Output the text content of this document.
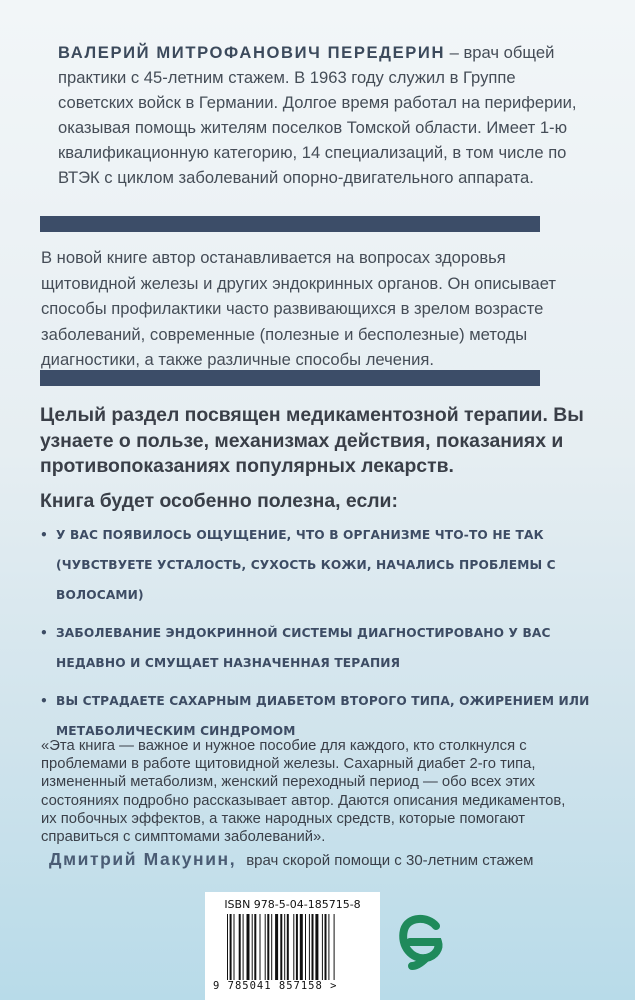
ВАЛЕРИЙ МИТРОФАНОВИЧ ПЕРЕДЕРИН – врач общей практики с 45-летним стажем. В 1963 году служил в Группе советских войск в Германии. Долгое время работал на периферии, оказывая помощь жителям поселков Томской области. Имеет 1-ю квалификационную категорию, 14 специализаций, в том числе по ВТЭК с циклом заболеваний опорно-двигательного аппарата.

В новой книге автор останавливается на вопросах здоровья щитовидной железы и других эндокринных органов. Он описывает способы профилактики часто развивающихся в зрелом возрасте заболеваний, современные (полезные и бесполезные) методы диагностики, а также различные способы лечения.

Целый раздел посвящен медикаментозной терапии. Вы узнаете о пользе, механизмах действия, показаниях и противопоказаниях популярных лекарств.
Книга будет особенно полезна, если:
• У ВАС ПОЯВИЛОСЬ ОЩУЩЕНИЕ, ЧТО В ОРГАНИЗМЕ ЧТО-ТО НЕ ТАК (ЧУВСТВУЕТЕ УСТАЛОСТЬ, СУХОСТЬ КОЖИ, НАЧАЛИСЬ ПРОБЛЕМЫ С ВОЛОСАМИ)
• ЗАБОЛЕВАНИЕ ЭНДОКРИННОЙ СИСТЕМЫ ДИАГНОСТИРОВАНО У ВАС НЕДАВНО И СМУЩАЕТ НАЗНАЧЕННАЯ ТЕРАПИЯ
• ВЫ СТРАДАЕТЕ САХАРНЫМ ДИАБЕТОМ ВТОРОГО ТИПА, ОЖИРЕНИЕМ ИЛИ МЕТАБОЛИЧЕСКИМ СИНДРОМОМ

«Эта книга — важное и нужное пособие для каждого, кто столкнулся с проблемами в работе щитовидной железы. Сахарный диабет 2-го типа, измененный метаболизм, женский переходный период — обо всех этих состояниях подробно рассказывает автор. Даются описания медикаментов, их побочных эффектов, а также народных средств, которые помогают справиться с симптомами заболеваний».

Дмитрий Макунин, врач скорой помощи с 30-летним стажем
ISBN 978-5-04-185715-8
9 785041 857158 >
